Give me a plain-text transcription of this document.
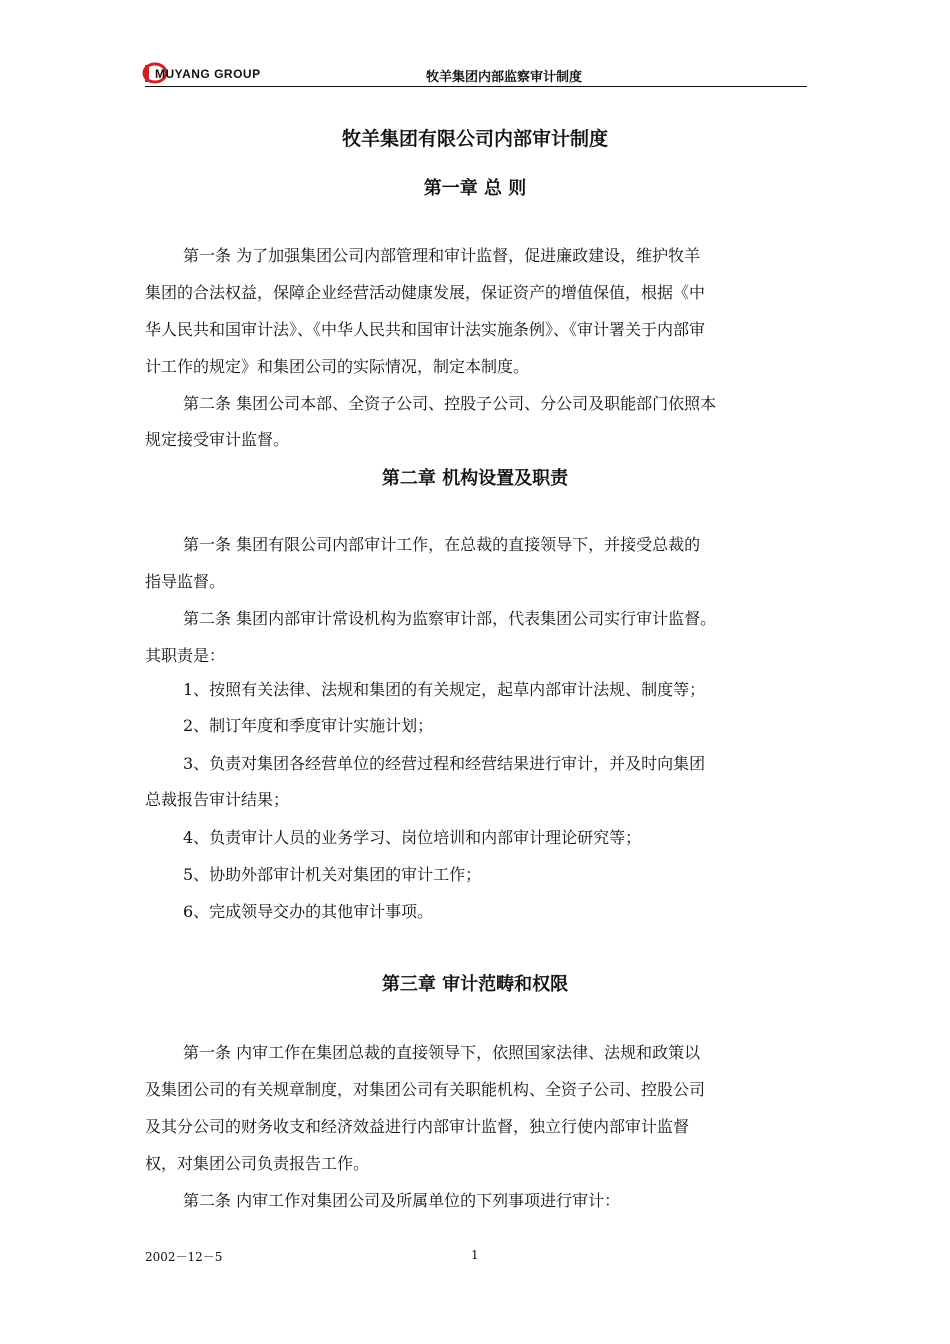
MUYANG GROUP	牧羊集团内部监察审计制度
牧羊集团有限公司内部审计制度
第一章 总 则
第一条 为了加强集团公司内部管理和审计监督，促进廉政建设，维护牧羊
集团的合法权益，保障企业经营活动健康发展，保证资产的增值保值，根据《中
华人民共和国审计法》、《中华人民共和国审计法实施条例》、《审计署关于内部审
计工作的规定》和集团公司的实际情况，制定本制度。
第二条 集团公司本部、全资子公司、控股子公司、分公司及职能部门依照本
规定接受审计监督。
第二章 机构设置及职责
第一条 集团有限公司内部审计工作，在总裁的直接领导下，并接受总裁的
指导监督。
第二条 集团内部审计常设机构为监察审计部，代表集团公司实行审计监督。
其职责是：
1、按照有关法律、法规和集团的有关规定，起草内部审计法规、制度等；
2、制订年度和季度审计实施计划；
3、负责对集团各经营单位的经营过程和经营结果进行审计，并及时向集团
总裁报告审计结果；
4、负责审计人员的业务学习、岗位培训和内部审计理论研究等；
5、协助外部审计机关对集团的审计工作；
6、完成领导交办的其他审计事项。
第三章 审计范畴和权限
第一条 内审工作在集团总裁的直接领导下，依照国家法律、法规和政策以
及集团公司的有关规章制度，对集团公司有关职能机构、全资子公司、控股公司
及其分公司的财务收支和经济效益进行内部审计监督，独立行使内部审计监督
权，对集团公司负责报告工作。
第二条 内审工作对集团公司及所属单位的下列事项进行审计：
2002－12－5	1
